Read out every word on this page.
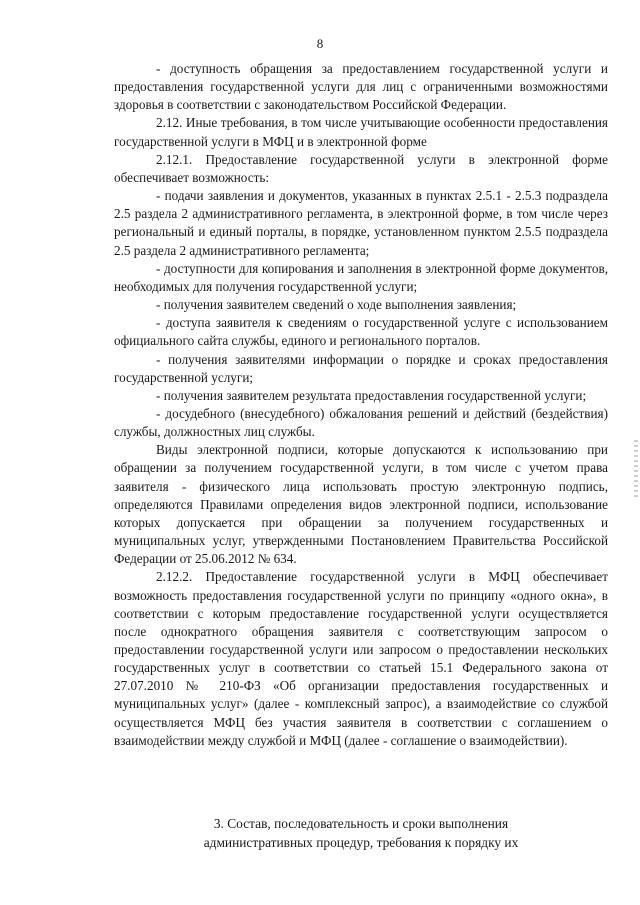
8

- доступность обращения за предоставлением государственной услуги и предоставления государственной услуги для лиц с ограниченными возможностями здоровья в соответствии с законодательством Российской Федерации.

2.12. Иные требования, в том числе учитывающие особенности предоставления государственной услуги в МФЦ и в электронной форме

2.12.1. Предоставление государственной услуги в электронной форме обеспечивает возможность:

- подачи заявления и документов, указанных в пунктах 2.5.1 - 2.5.3 подраздела 2.5 раздела 2 административного регламента, в электронной форме, в том числе через региональный и единый порталы, в порядке, установленном пунктом 2.5.5 подраздела 2.5 раздела 2 административного регламента;

- доступности для копирования и заполнения в электронной форме документов, необходимых для получения государственной услуги;

- получения заявителем сведений о ходе выполнения заявления;

- доступа заявителя к сведениям о государственной услуге с использованием официального сайта службы, единого и регионального порталов.

- получения заявителями информации о порядке и сроках предоставления государственной услуги;

- получения заявителем результата предоставления государственной услуги;

- досудебного (внесудебного) обжалования решений и действий (бездействия) службы, должностных лиц службы.

Виды электронной подписи, которые допускаются к использованию при обращении за получением государственной услуги, в том числе с учетом права заявителя - физического лица использовать простую электронную подпись, определяются Правилами определения видов электронной подписи, использование которых допускается при обращении за получением государственных и муниципальных услуг, утвержденными Постановлением Правительства Российской Федерации от 25.06.2012 № 634.

2.12.2. Предоставление государственной услуги в МФЦ обеспечивает возможность предоставления государственной услуги по принципу «одного окна», в соответствии с которым предоставление государственной услуги осуществляется после однократного обращения заявителя с соответствующим запросом о предоставлении государственной услуги или запросом о предоставлении нескольких государственных услуг в соответствии со статьей 15.1 Федерального закона от 27.07.2010 № 210-ФЗ «Об организации предоставления государственных и муниципальных услуг» (далее - комплексный запрос), а взаимодействие со службой осуществляется МФЦ без участия заявителя в соответствии с соглашением о взаимодействии между службой и МФЦ (далее - соглашение о взаимодействии).

3. Состав, последовательность и сроки выполнения
административных процедур, требования к порядку их
